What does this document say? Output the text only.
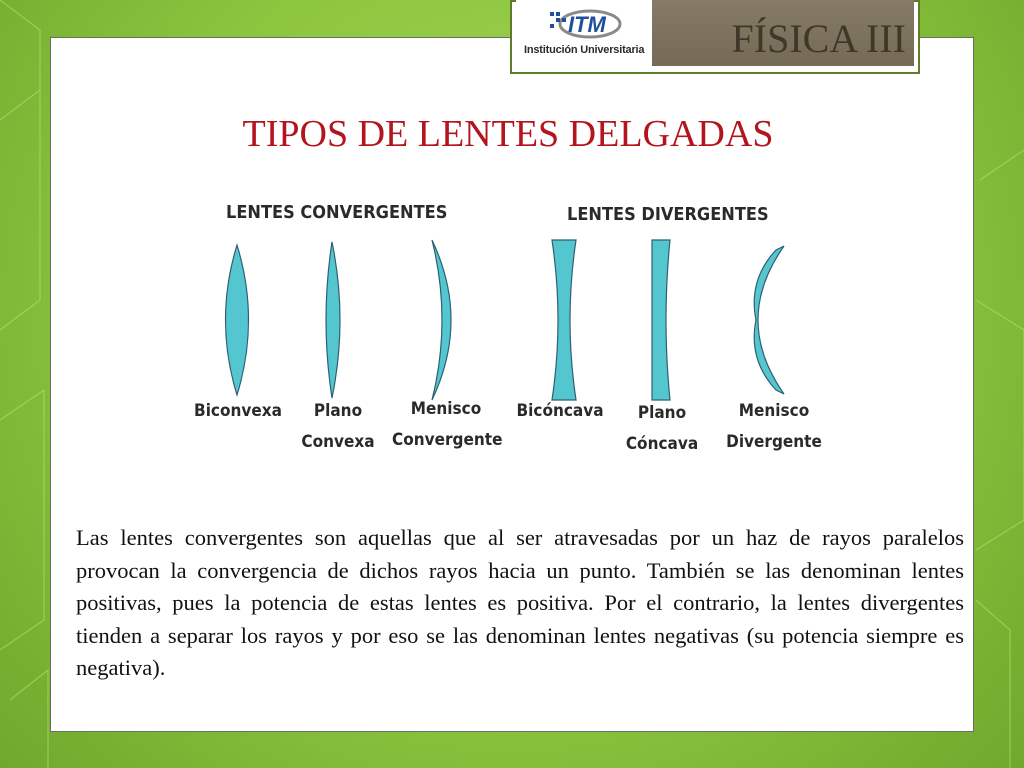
ITM
Institución Universitaria	FÍSICA III
TIPOS DE LENTES DELGADAS
LENTES CONVERGENTES	LENTES DIVERGENTES
Biconvexa	Plano
Convexa
Menisco
Convergente
Bicóncava	Plano
Cóncava
Menisco
Divergente
Las lentes convergentes son aquellas que al ser atravesadas por un haz de rayos paralelos provocan la convergencia de dichos rayos hacia un punto. También se las denominan lentes positivas, pues la potencia de estas lentes es positiva. Por el contrario, la lentes divergentes tienden a separar los rayos y por eso se las denominan lentes negativas (su potencia siempre es negativa).
